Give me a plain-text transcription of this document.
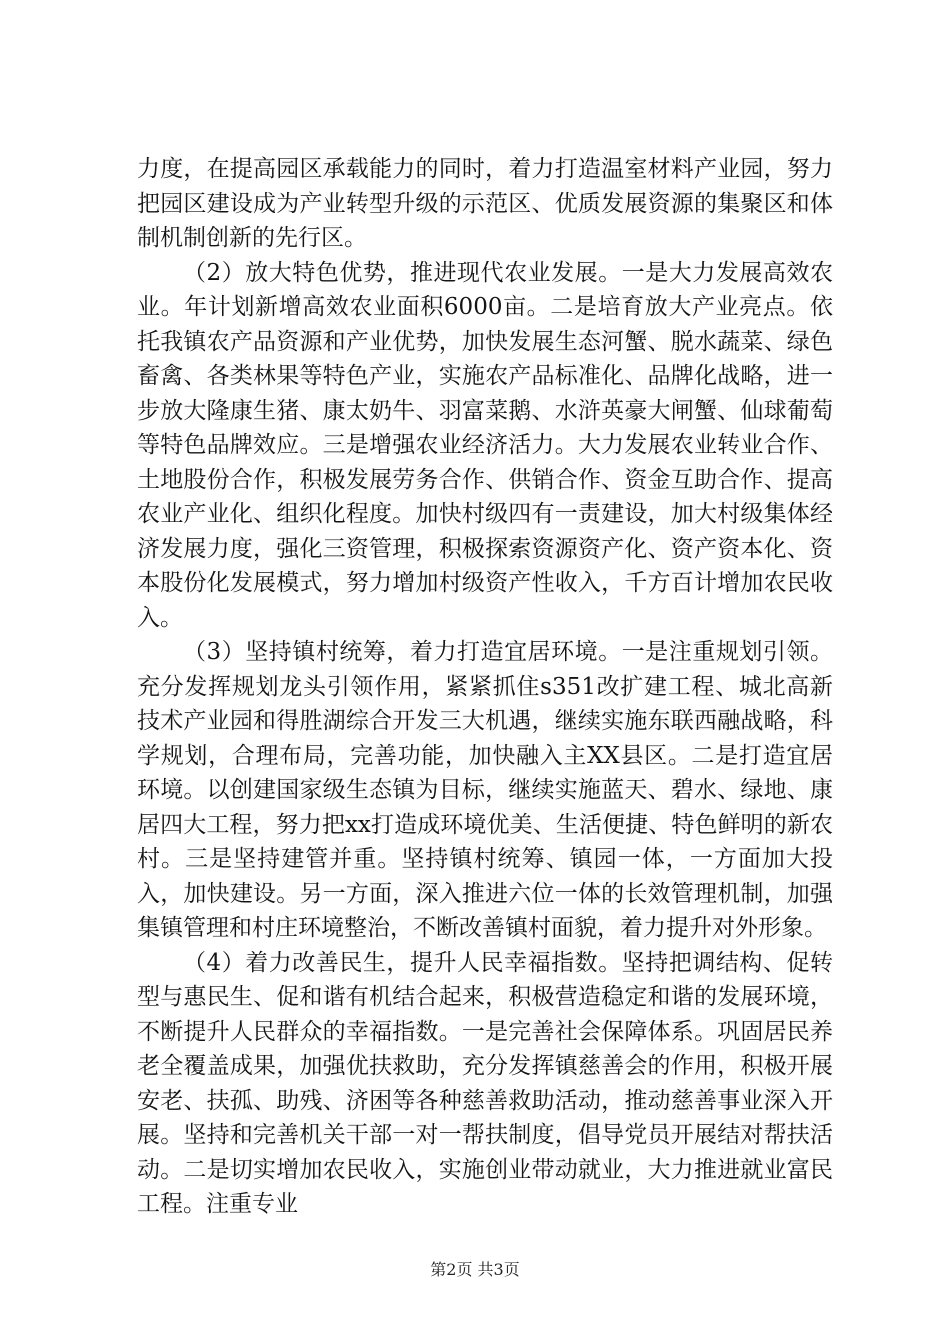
力度，在提高园区承载能力的同时，着力打造温室材料产业园，努力把园区建设成为产业转型升级的示范区、优质发展资源的集聚区和体制机制创新的先行区。

（2）放大特色优势，推进现代农业发展。一是大力发展高效农业。年计划新增高效农业面积6000亩。二是培育放大产业亮点。依托我镇农产品资源和产业优势，加快发展生态河蟹、脱水蔬菜、绿色畜禽、各类林果等特色产业，实施农产品标准化、品牌化战略，进一步放大隆康生猪、康太奶牛、羽富菜鹅、水浒英豪大闸蟹、仙球葡萄等特色品牌效应。三是增强农业经济活力。大力发展农业转业合作、土地股份合作，积极发展劳务合作、供销合作、资金互助合作、提高农业产业化、组织化程度。加快村级四有一责建设，加大村级集体经济发展力度，强化三资管理，积极探索资源资产化、资产资本化、资本股份化发展模式，努力增加村级资产性收入，千方百计增加农民收入。

（3）坚持镇村统筹，着力打造宜居环境。一是注重规划引领。充分发挥规划龙头引领作用，紧紧抓住s351改扩建工程、城北高新技术产业园和得胜湖综合开发三大机遇，继续实施东联西融战略，科学规划，合理布局，完善功能，加快融入主XX县区。二是打造宜居环境。以创建国家级生态镇为目标，继续实施蓝天、碧水、绿地、康居四大工程，努力把xx打造成环境优美、生活便捷、特色鲜明的新农村。三是坚持建管并重。坚持镇村统筹、镇园一体，一方面加大投入，加快建设。另一方面，深入推进六位一体的长效管理机制，加强集镇管理和村庄环境整治，不断改善镇村面貌，着力提升对外形象。

（4）着力改善民生，提升人民幸福指数。坚持把调结构、促转型与惠民生、促和谐有机结合起来，积极营造稳定和谐的发展环境，不断提升人民群众的幸福指数。一是完善社会保障体系。巩固居民养老全覆盖成果，加强优扶救助，充分发挥镇慈善会的作用，积极开展安老、扶孤、助残、济困等各种慈善救助活动，推动慈善事业深入开展。坚持和完善机关干部一对一帮扶制度，倡导党员开展结对帮扶活动。二是切实增加农民收入，实施创业带动就业，大力推进就业富民工程。注重专业

第2页 共3页
